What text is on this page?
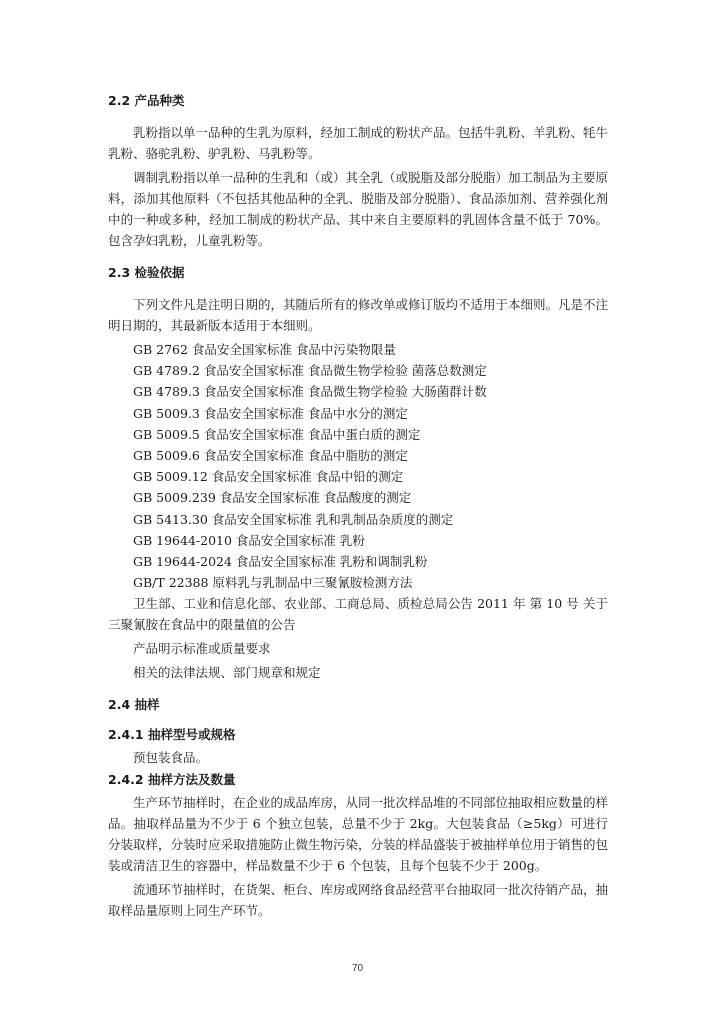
2.2 产品种类

乳粉指以单一品种的生乳为原料，经加工制成的粉状产品。包括牛乳粉、羊乳粉、牦牛乳粉、骆驼乳粉、驴乳粉、马乳粉等。

调制乳粉指以单一品种的生乳和（或）其全乳（或脱脂及部分脱脂）加工制品为主要原料，添加其他原料（不包括其他品种的全乳、脱脂及部分脱脂）、食品添加剂、营养强化剂中的一种或多种，经加工制成的粉状产品、其中来自主要原料的乳固体含量不低于 70%。包含孕妇乳粉，儿童乳粉等。

2.3 检验依据

下列文件凡是注明日期的，其随后所有的修改单或修订版均不适用于本细则。凡是不注明日期的，其最新版本适用于本细则。

GB 2762 食品安全国家标准 食品中污染物限量
GB 4789.2 食品安全国家标准 食品微生物学检验 菌落总数测定
GB 4789.3 食品安全国家标准 食品微生物学检验 大肠菌群计数
GB 5009.3 食品安全国家标准 食品中水分的测定
GB 5009.5 食品安全国家标准 食品中蛋白质的测定
GB 5009.6 食品安全国家标准 食品中脂肪的测定
GB 5009.12 食品安全国家标准 食品中铅的测定
GB 5009.239 食品安全国家标准 食品酸度的测定
GB 5413.30 食品安全国家标准 乳和乳制品杂质度的测定
GB 19644-2010 食品安全国家标准 乳粉
GB 19644-2024 食品安全国家标准 乳粉和调制乳粉
GB/T 22388 原料乳与乳制品中三聚氰胺检测方法

卫生部、工业和信息化部、农业部、工商总局、质检总局公告 2011 年 第 10 号 关于三聚氰胺在食品中的限量值的公告

产品明示标准或质量要求

相关的法律法规、部门规章和规定

2.4 抽样
2.4.1 抽样型号或规格

预包装食品。

2.4.2 抽样方法及数量

生产环节抽样时，在企业的成品库房，从同一批次样品堆的不同部位抽取相应数量的样品。抽取样品量为不少于 6 个独立包装，总量不少于 2kg。大包装食品（≥5kg）可进行分装取样，分装时应采取措施防止微生物污染，分装的样品盛装于被抽样单位用于销售的包装或清洁卫生的容器中，样品数量不少于 6 个包装，且每个包装不少于 200g。

流通环节抽样时，在货架、柜台、库房或网络食品经营平台抽取同一批次待销产品，抽取样品量原则上同生产环节。

70
